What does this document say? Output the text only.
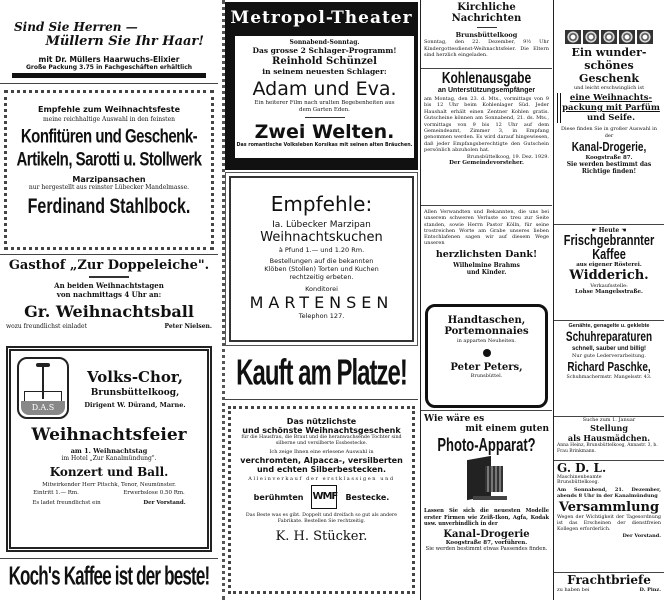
Sind Sie Herren —
Müllern Sie Ihr Haar!
mit Dr. Müllers Haarwuchs-Elixier
Große Packung 3.75 in Fachgeschäften erhältlich
Empfehle zum Weihnachtsfeste
meine reichhaltige Auswahl in den feinsten
Konfitüren und Geschenk-
Artikeln, Sarotti u. Stollwerk
Marzipansachen
nur hergestellt aus reinster Lübecker Mandelmasse.
Ferdinand Stahlbock.
Gasthof „Zur Doppeleiche".
An beiden Weihnachtstagen
von nachmittags 4 Uhr an:
Gr. Weihnachtsball
wozu freundlichst einladet	Peter Nielsen.
D.A.S
Volks-Chor,
Brunsbüttelkoog,
Dirigent W. Dürand, Marne.
Weihnachtsfeier
am 1. Weihnachtstag
im Hotel „Zur Kanalmündung".
Konzert und Ball.
Mitwirkender Herr Pitschk, Tenor, Neumünster.
Eintritt 1.— Rm.	Erwerbslose 0.50 Rm.
Es ladet freundlichst ein	Der Vorstand.
Koch's Kaffee ist der beste!
Metropol-Theater
Sonnabend-Sonntag.
Das grosse 2 Schlager-Programm!
Reinhold Schünzel
in seinem neuesten Schlager:
Adam und Eva.
Ein heiterer Film nach uralten Begebenheiten aus dem Garten Eden.
Zwei Welten.
Das romantische Volksleben Korsikas mit seinen alten Bräuchen.
Empfehle:
Ia. Lübecker Marzipan
Weihnachtskuchen
à Pfund 1.— und 1.20 Rm.
Bestellungen auf die bekannten
Klöben (Stollen) Torten und Kuchen
rechtzeitig erbeten.
Konditorei
MARTENSEN
Telephon 127.
Kauft am Platze!
Das nützlichste
und schönste Weihnachtsgeschenk
für die Hausfrau, die Braut und die heranwachsende Tochter sind silberne und versilberte Essbestecke.
Ich zeige Ihnen eine erlesene Auswahl in
verchromten, Alpacca-, versilberten
und echten Silberbestecken.
Alleinverkauf der erstklassigen und
berühmten WMF Bestecke.
Das Beste was es gibt. Doppelt und dreifach so gut als andere Fabrikate. Bestellen Sie rechtzeitig.
K. H. Stücker.
Kirchliche Nachrichten
Brunsbüttelkoog
Sonntag, den 22. Dezember, 9½ Uhr Kindergottesdienst-Weihnachtsfeier. Die Eltern sind herzlich eingeladen.
Kohlenausgabe
an Unterstützungsempfänger
am Montag, den 23. d. Mts., vormittags von 9 bis 12 Uhr beim Kohlenlager Süd. Jeder Haushalt erhält einen Zentner Kohlen gratis. Gutscheine können am Sonnabend, 21. ds. Mts., vormittags von 9 bis 12 Uhr auf dem Gemeindeamt, Zimmer 3, in Empfang genommen werden. Es wird darauf hingewiesen, daß jeder Empfangsberechtigte den Gutschein persönlich abzuholen hat.
Brunsbüttelkoog, 19. Dez. 1929.
Der Gemeindevorsteher.
Allen Verwandten und Bekannten, die uns bei unserem schweren Verluste so treu zur Seite standen, sowie Herrn Pastor Kölln, für seine trostreichen Worte am Grabe unseres lieben Entschlafenen sagen wir auf diesem Wege unseren
herzlichsten Dank!
Wilhelmine Brahms
und Kinder.
Handtaschen,
Portemonnaies
in apparten Neuheiten.
Peter Peters,
Brunsbüttel.
Wie wäre es
mit einem guten
Photo-Apparat?
Lassen Sie sich die neuesten Modelle erster Firmen wie Zeiß-Ikon, Agfa, Kodak usw. unverbindlich in der
Kanal-Drogerie
Koogstraße 87, vorführen.
Sie werden bestimmt etwas Passendes finden.
Ein wunder-
schönes Geschenk
und leicht erschwinglich ist
eine Weihnachts-
packung mit Parfüm
und Seife.
Diese finden Sie in großer Auswahl in der
Kanal-Drogerie,
Koogstraße 87.
Sie werden bestimmt das Richtige finden!
☛ Heute ☚
Frischgebrannter
Kaffee
aus eigener Rösterei.
Widderich.
Verkaufsstelle:
Lohse Mangelsstraße.
Genähte, genagelte u. geklebte
Schuhreparaturen
schnell, sauber und billig!
Nur gute Lederverarbeitung.
Richard Paschke,
Schuhmachermstr. Mangelsstr. 43.
Suche zum 1. Januar
Stellung
als Hausmädchen.
Anna Heinz, Brunsbüttelkoog, Annastr. 3, b. Frau Brinkmann.
G. D. L.
Maschinenbeamte
Brunsbüttelkoog.
Am Sonnabend, 21. Dezember, abends 8 Uhr in der Kanalmündung
Versammlung
Wegen der Wichtigkeit der Tagesordnung ist das Erscheinen der dienstfreien Kollegen erforderlich.
Der Vorstand.
Frachtbriefe
zu haben bei	D. Pinz.
